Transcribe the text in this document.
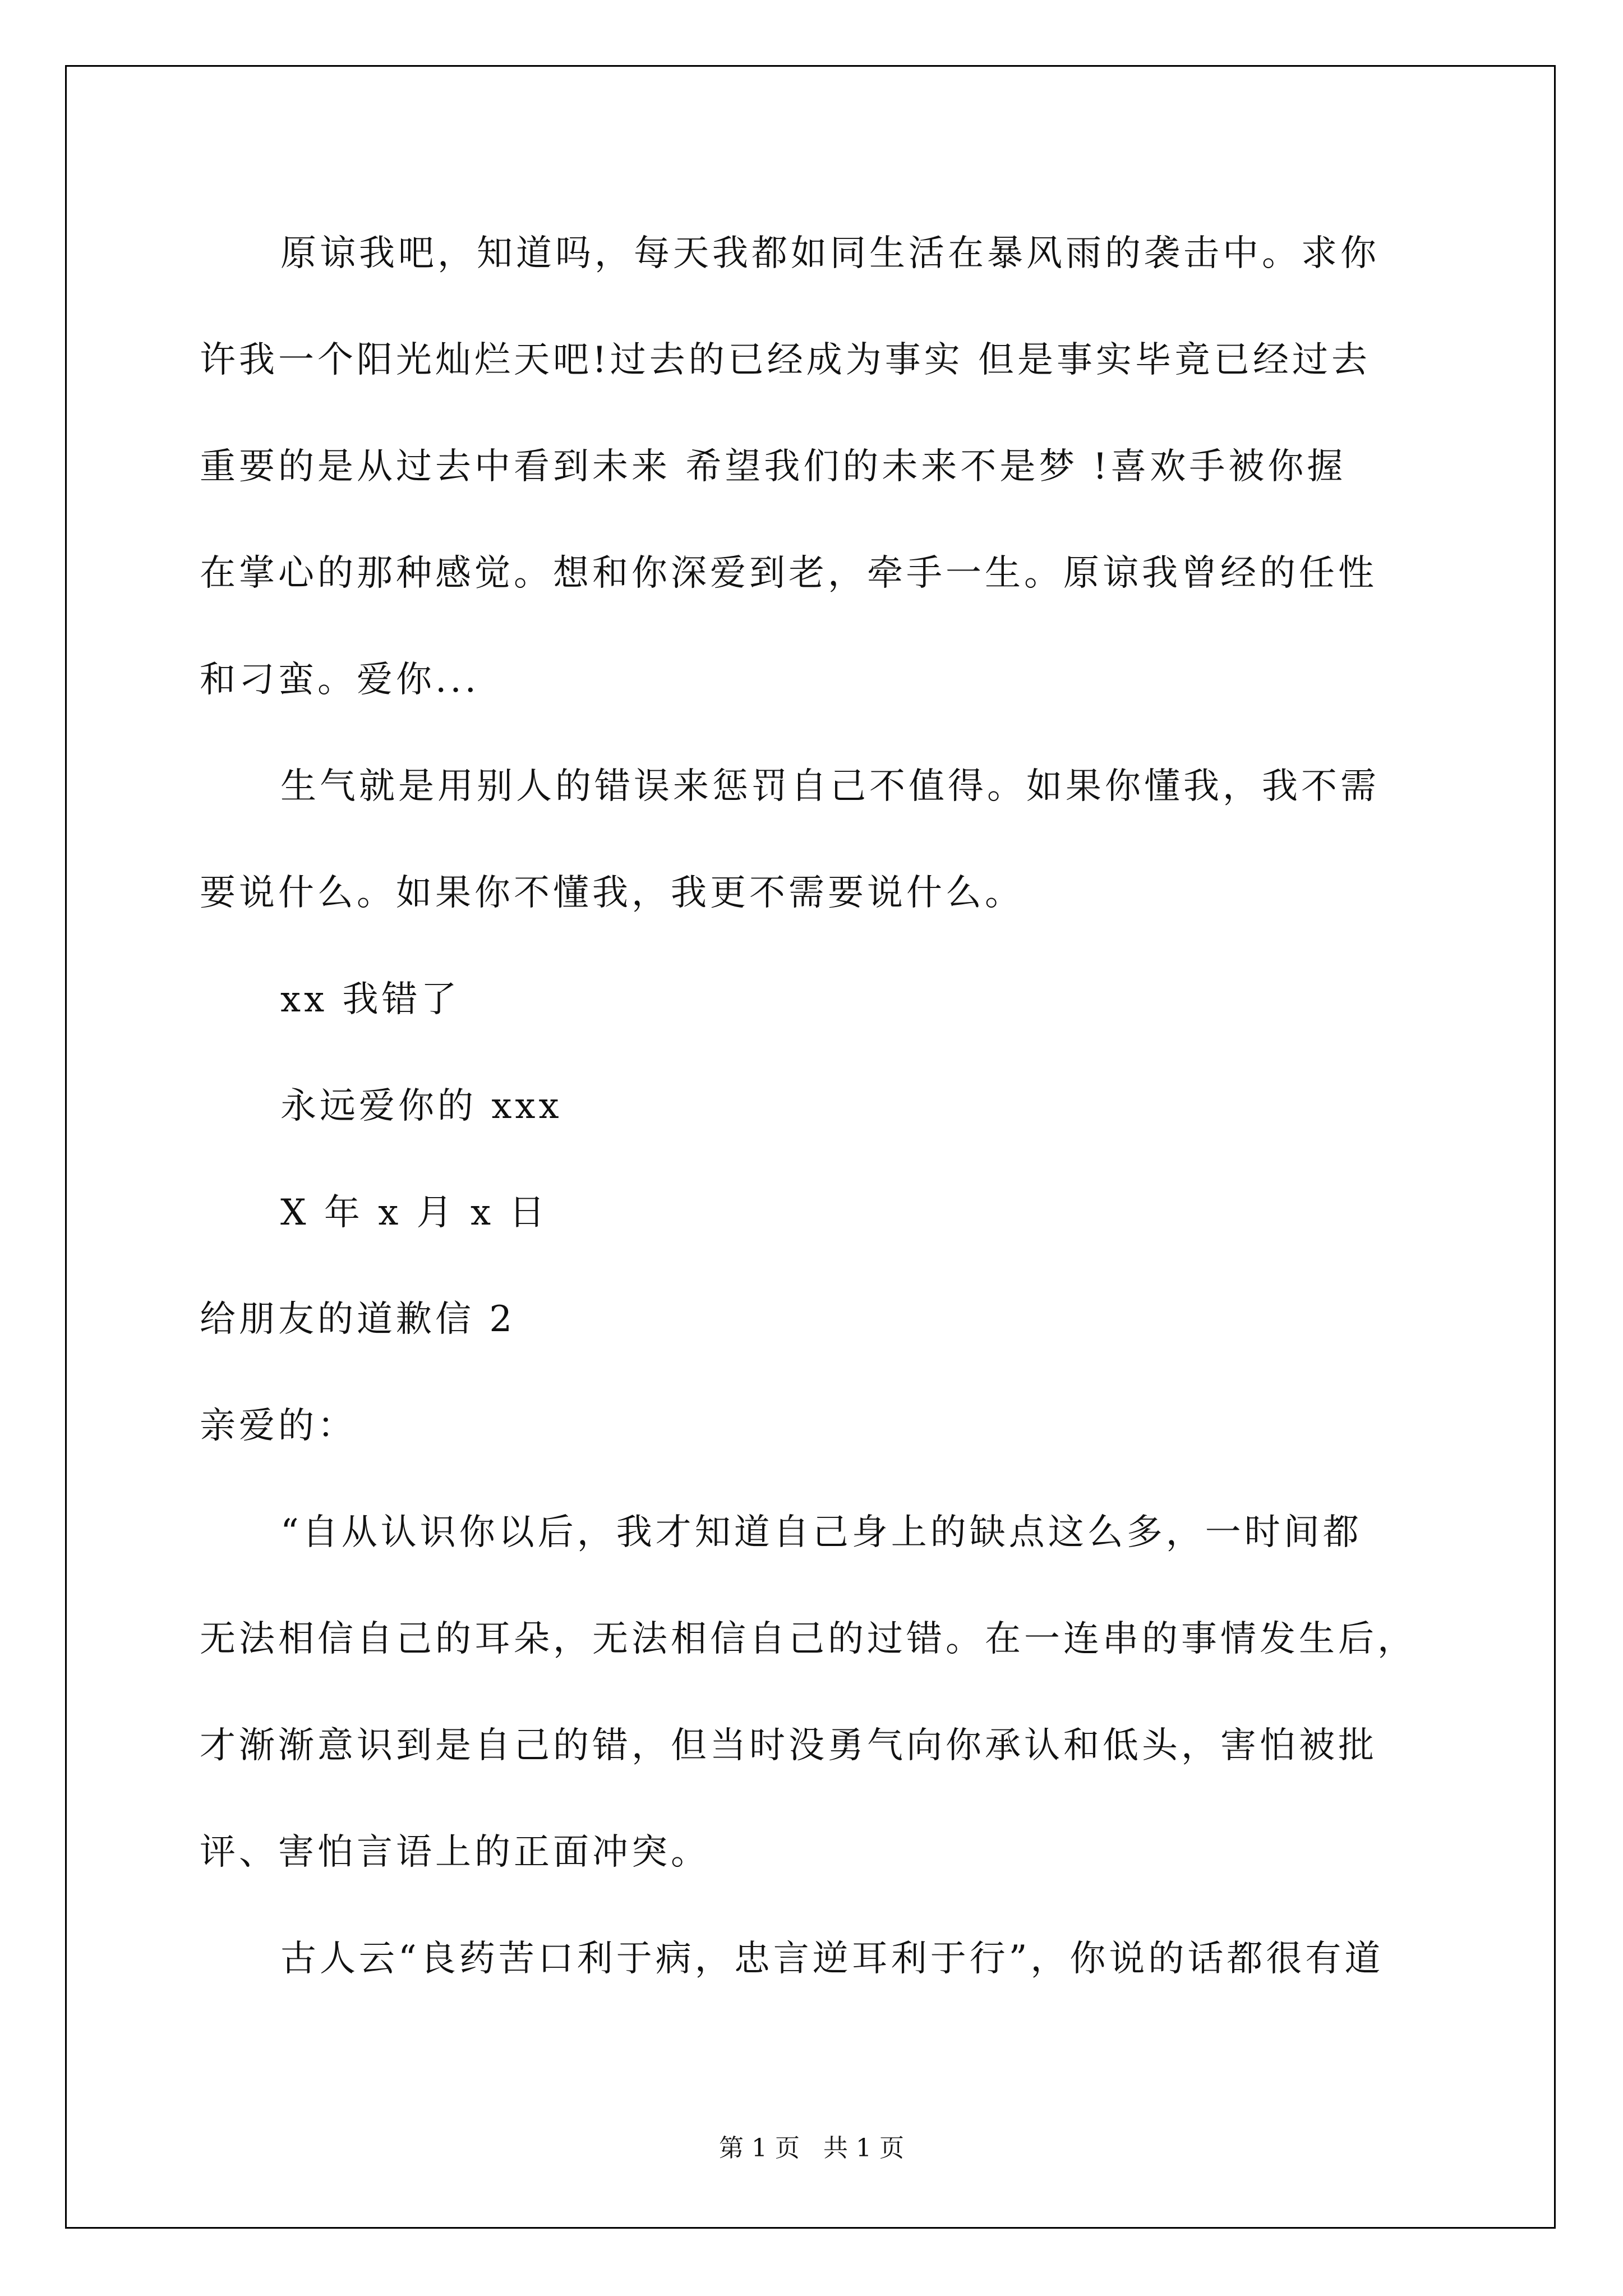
原谅我吧，知道吗，每天我都如同生活在暴风雨的袭击中。求你
许我一个阳光灿烂天吧!过去的已经成为事实 但是事实毕竟已经过去
重要的是从过去中看到未来 希望我们的未来不是梦 !喜欢手被你握
在掌心的那种感觉。想和你深爱到老，牵手一生。原谅我曾经的任性
和刁蛮。爱你...
生气就是用别人的错误来惩罚自己不值得。如果你懂我，我不需
要说什么。如果你不懂我，我更不需要说什么。
xx 我错了
永远爱你的 xxx
X 年 x 月 x 日
给朋友的道歉信 2
亲爱的：
“自从认识你以后，我才知道自己身上的缺点这么多，一时间都
无法相信自己的耳朵，无法相信自己的过错。在一连串的事情发生后，
才渐渐意识到是自己的错，但当时没勇气向你承认和低头，害怕被批
评、害怕言语上的正面冲突。
古人云“良药苦口利于病，忠言逆耳利于行”，你说的话都很有道
第 1 页 共 1 页
